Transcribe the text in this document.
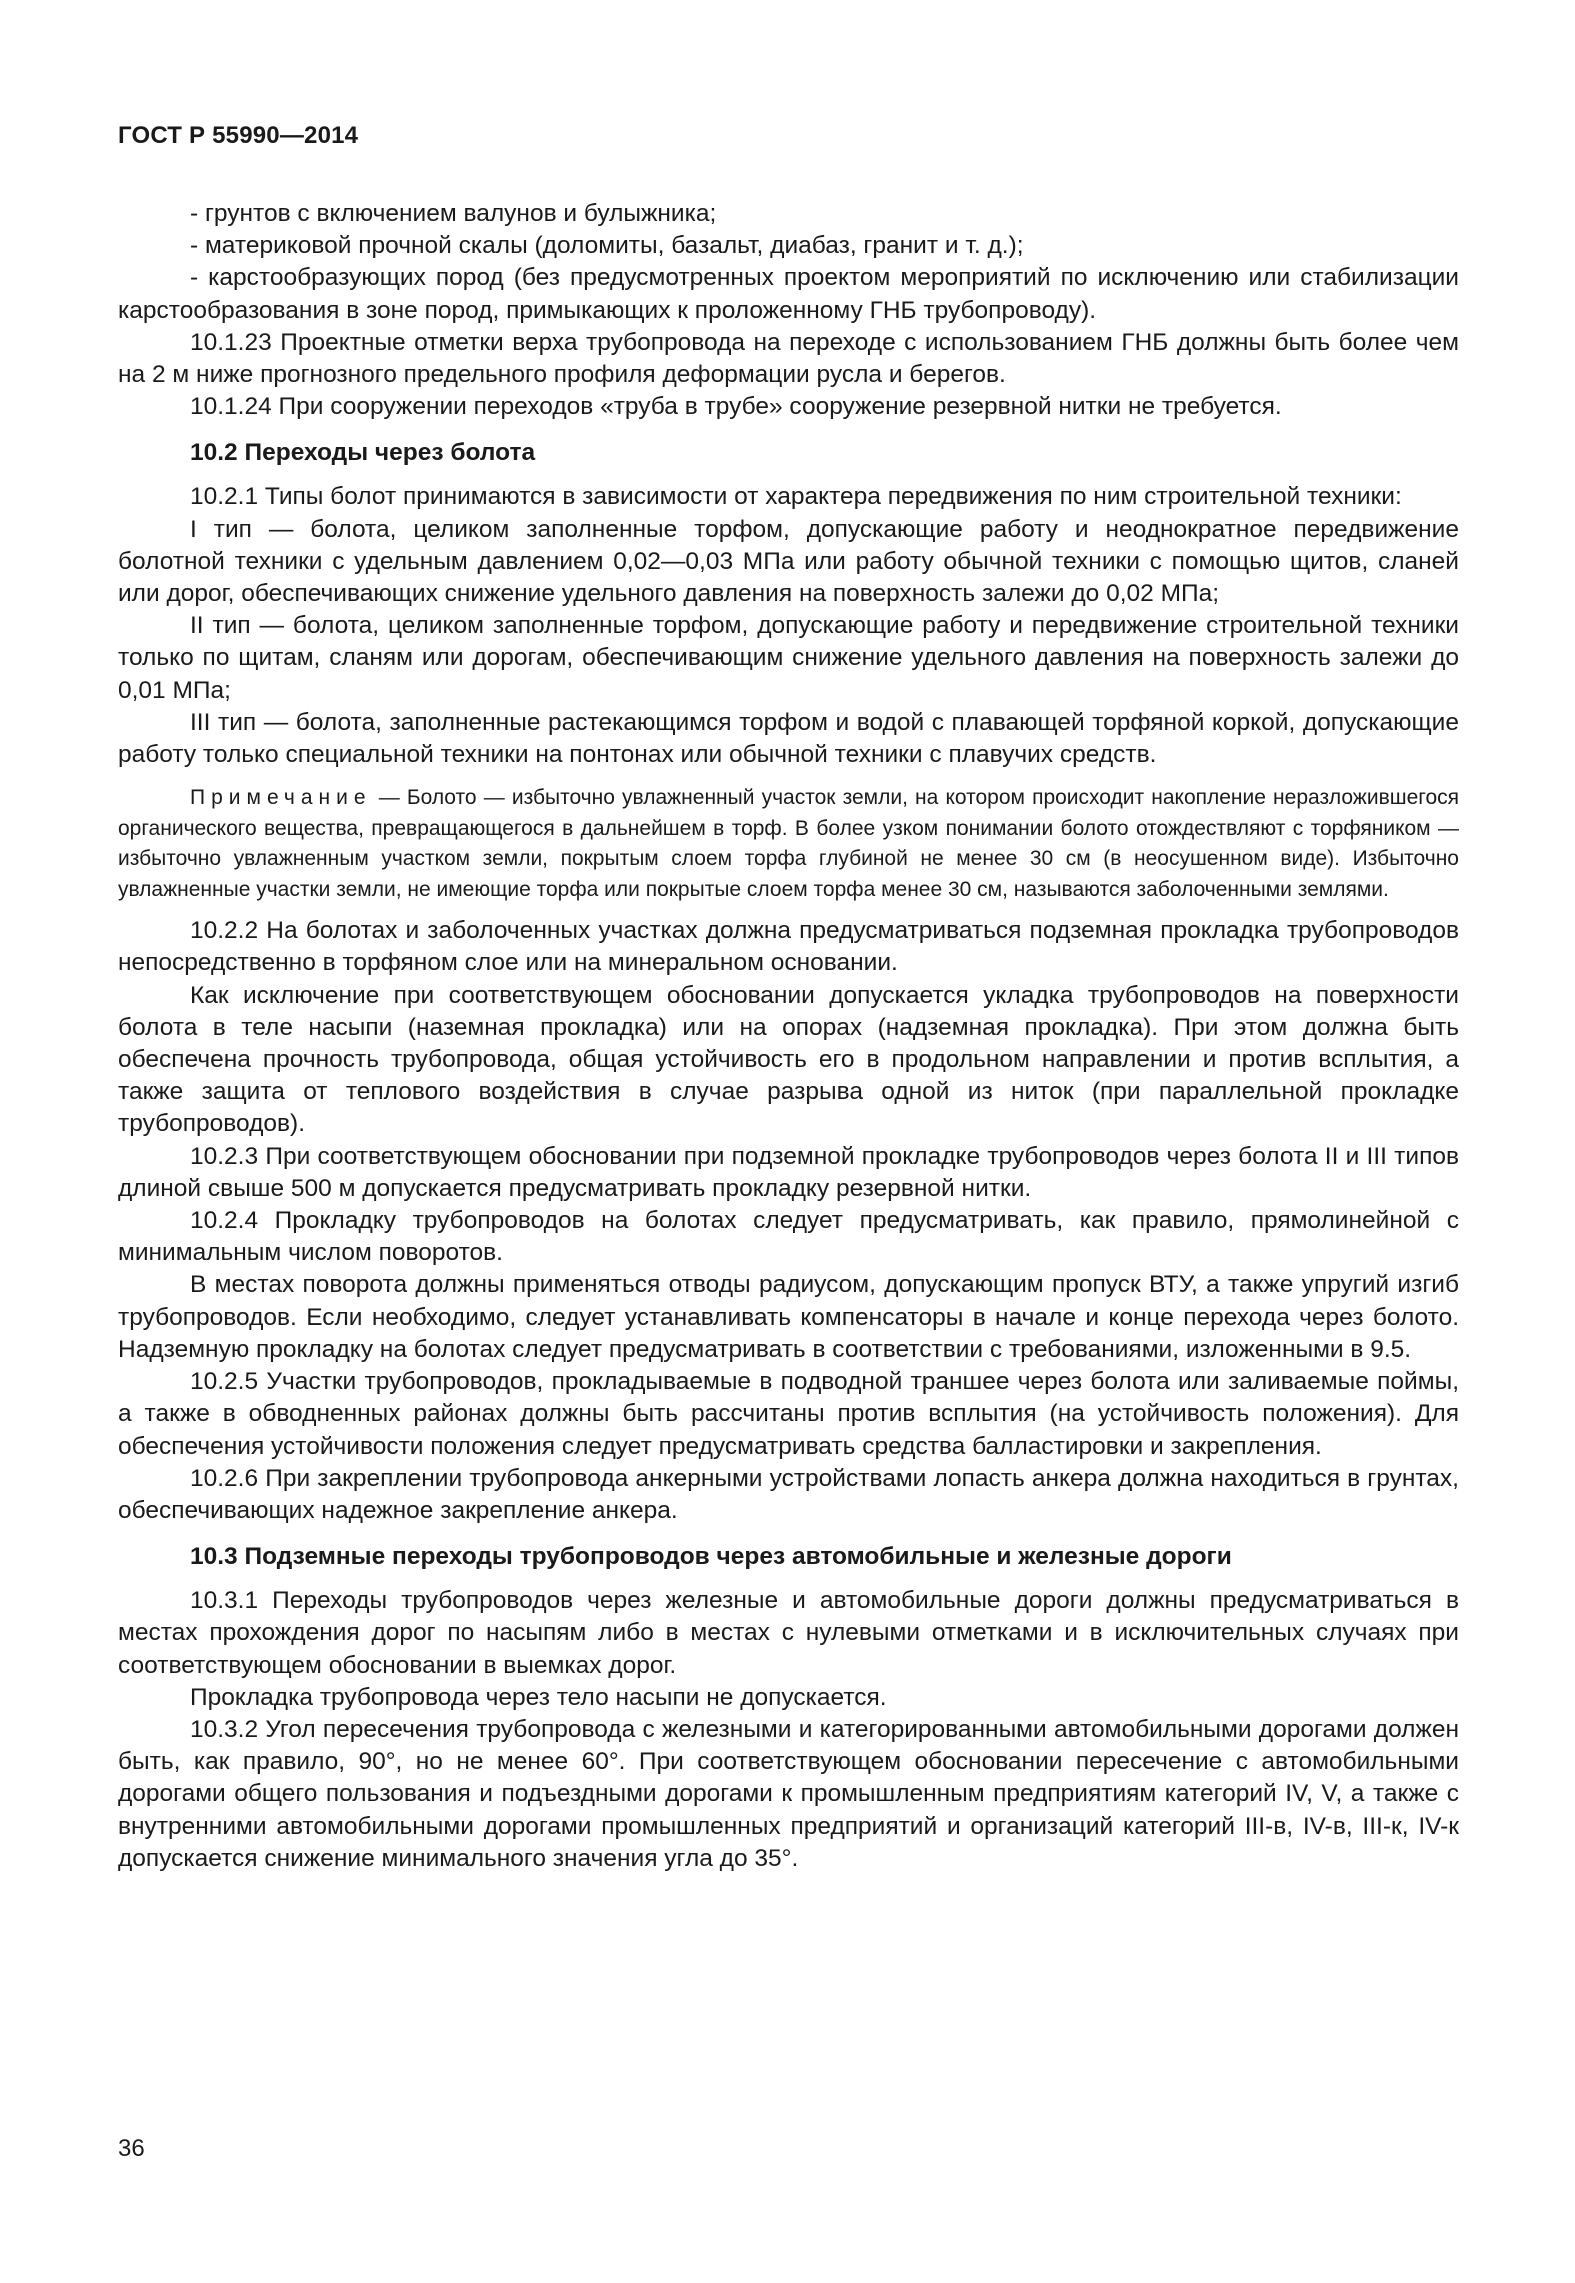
ГОСТ Р 55990—2014

- грунтов с включением валунов и булыжника;

- материковой прочной скалы (доломиты, базальт, диабаз, гранит и т. д.);

- карстообразующих пород (без предусмотренных проектом мероприятий по исключению или стабилизации карстообразования в зоне пород, примыкающих к проложенному ГНБ трубопроводу).

10.1.23 Проектные отметки верха трубопровода на переходе с использованием ГНБ должны быть более чем на 2 м ниже прогнозного предельного профиля деформации русла и берегов.

10.1.24 При сооружении переходов «труба в трубе» сооружение резервной нитки не требуется.

10.2 Переходы через болота

10.2.1 Типы болот принимаются в зависимости от характера передвижения по ним строительной техники:

I тип — болота, целиком заполненные торфом, допускающие работу и неоднократное передвижение болотной техники с удельным давлением 0,02—0,03 МПа или работу обычной техники с помощью щитов, сланей или дорог, обеспечивающих снижение удельного давления на поверхность залежи до 0,02 МПа;

II тип — болота, целиком заполненные торфом, допускающие работу и передвижение строительной техники только по щитам, сланям или дорогам, обеспечивающим снижение удельного давления на поверхность залежи до 0,01 МПа;

III тип — болота, заполненные растекающимся торфом и водой с плавающей торфяной коркой, допускающие работу только специальной техники на понтонах или обычной техники с плавучих средств.

Примечание — Болото — избыточно увлажненный участок земли, на котором происходит накопление неразложившегося органического вещества, превращающегося в дальнейшем в торф. В более узком понимании болото отождествляют с торфяником — избыточно увлажненным участком земли, покрытым слоем торфа глубиной не менее 30 см (в неосушенном виде). Избыточно увлажненные участки земли, не имеющие торфа или покрытые слоем торфа менее 30 см, называются заболоченными землями.

10.2.2 На болотах и заболоченных участках должна предусматриваться подземная прокладка трубопроводов непосредственно в торфяном слое или на минеральном основании.

Как исключение при соответствующем обосновании допускается укладка трубопроводов на поверхности болота в теле насыпи (наземная прокладка) или на опорах (надземная прокладка). При этом должна быть обеспечена прочность трубопровода, общая устойчивость его в продольном направлении и против всплытия, а также защита от теплового воздействия в случае разрыва одной из ниток (при параллельной прокладке трубопроводов).

10.2.3 При соответствующем обосновании при подземной прокладке трубопроводов через болота II и III типов длиной свыше 500 м допускается предусматривать прокладку резервной нитки.

10.2.4 Прокладку трубопроводов на болотах следует предусматривать, как правило, прямолинейной с минимальным числом поворотов.

В местах поворота должны применяться отводы радиусом, допускающим пропуск ВТУ, а также упругий изгиб трубопроводов. Если необходимо, следует устанавливать компенсаторы в начале и конце перехода через болото. Надземную прокладку на болотах следует предусматривать в соответствии с требованиями, изложенными в 9.5.

10.2.5 Участки трубопроводов, прокладываемые в подводной траншее через болота или заливаемые поймы, а также в обводненных районах должны быть рассчитаны против всплытия (на устойчивость положения). Для обеспечения устойчивости положения следует предусматривать средства балластировки и закрепления.

10.2.6 При закреплении трубопровода анкерными устройствами лопасть анкера должна находиться в грунтах, обеспечивающих надежное закрепление анкера.

10.3 Подземные переходы трубопроводов через автомобильные и железные дороги

10.3.1 Переходы трубопроводов через железные и автомобильные дороги должны предусматриваться в местах прохождения дорог по насыпям либо в местах с нулевыми отметками и в исключительных случаях при соответствующем обосновании в выемках дорог.

Прокладка трубопровода через тело насыпи не допускается.

10.3.2 Угол пересечения трубопровода с железными и категорированными автомобильными дорогами должен быть, как правило, 90°, но не менее 60°. При соответствующем обосновании пересечение с автомобильными дорогами общего пользования и подъездными дорогами к промышленным предприятиям категорий IV, V, а также с внутренними автомобильными дорогами промышленных предприятий и организаций категорий III-в, IV-в, III-к, IV-к допускается снижение минимального значения угла до 35°.

36
